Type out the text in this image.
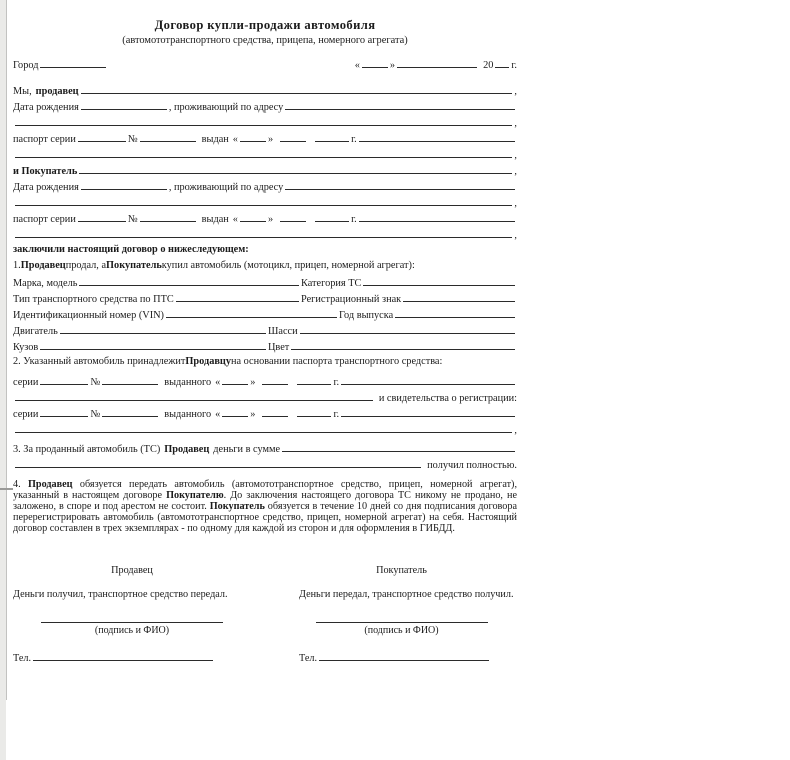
Договор купли-продажи автомобиля
(автомототранспортного средства, прицепа, номерного агрегата)
Город	«	»	20 г.
Мы, продавец	,
Дата рождения	, проживающий по адресу
,
паспорт серии	№	выдан «	»	г.
,
и Покупатель	,
Дата рождения	, проживающий по адресу
,
паспорт серии	№	выдан «	»	г.
,
заключили настоящий договор о нижеследующем:
1. Продавец продал, а Покупатель купил автомобиль (мотоцикл, прицеп, номерной агрегат):
Марка, модель	Категория ТС
Тип транспортного средства по ПТС	Регистрационный знак
Идентификационный номер (VIN)	Год выпуска
Двигатель	Шасси
Кузов	Цвет
2. Указанный автомобиль принадлежит Продавцу на основании паспорта транспортного средства:
серии	№	выданного «	»	г.
и свидетельства о регистрации:
серии	№	выданного «	»	г.
,
3. За проданный автомобиль (ТС) Продавец деньги в сумме
получил полностью.
4. Продавец обязуется передать автомобиль (автомототранспортное средство, прицеп, номерной агрегат), указанный в настоящем договоре Покупателю. До заключения настоящего договора ТС никому не продано, не заложено, в споре и под арестом не состоит. Покупатель обязуется в течение 10 дней со дня подписания договора перерегистрировать автомобиль (автомототранспортное средство, прицеп, номерной агрегат) на себя. Настоящий договор составлен в трех экземплярах - по одному для каждой из сторон и для оформления в ГИБДД.
Продавец
Деньги получил, транспортное средство передал.
(подпись и ФИО)
Тел.
Покупатель
Деньги передал, транспортное средство получил.
(подпись и ФИО)
Тел.
